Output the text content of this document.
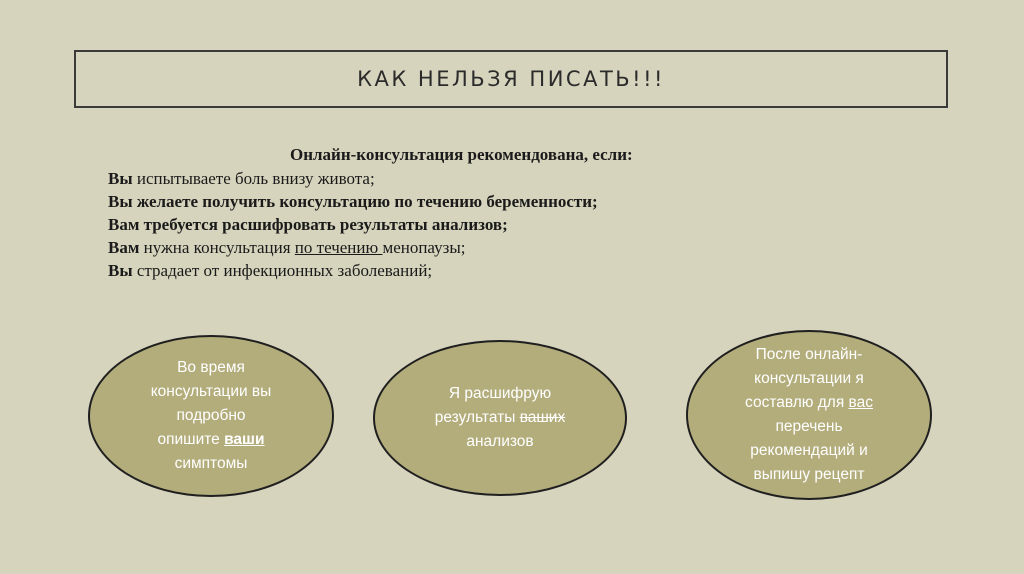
КАК НЕЛЬЗЯ ПИСАТЬ!!!
Онлайн-консультация рекомендована, если:
Вы испытываете боль внизу живота;
Вы желаете получить консультацию по течению беременности;
Вам требуется расшифровать результаты анализов;
Вам нужна консультация по течению менопаузы;
Вы страдает от инфекционных заболеваний;
Во время
консультации вы
подробно
опишите ваши
симптомы
Я расшифрую
результаты ваших
анализов
После онлайн-
консультации я
составлю для вас
перечень
рекомендаций и
выпишу рецепт
